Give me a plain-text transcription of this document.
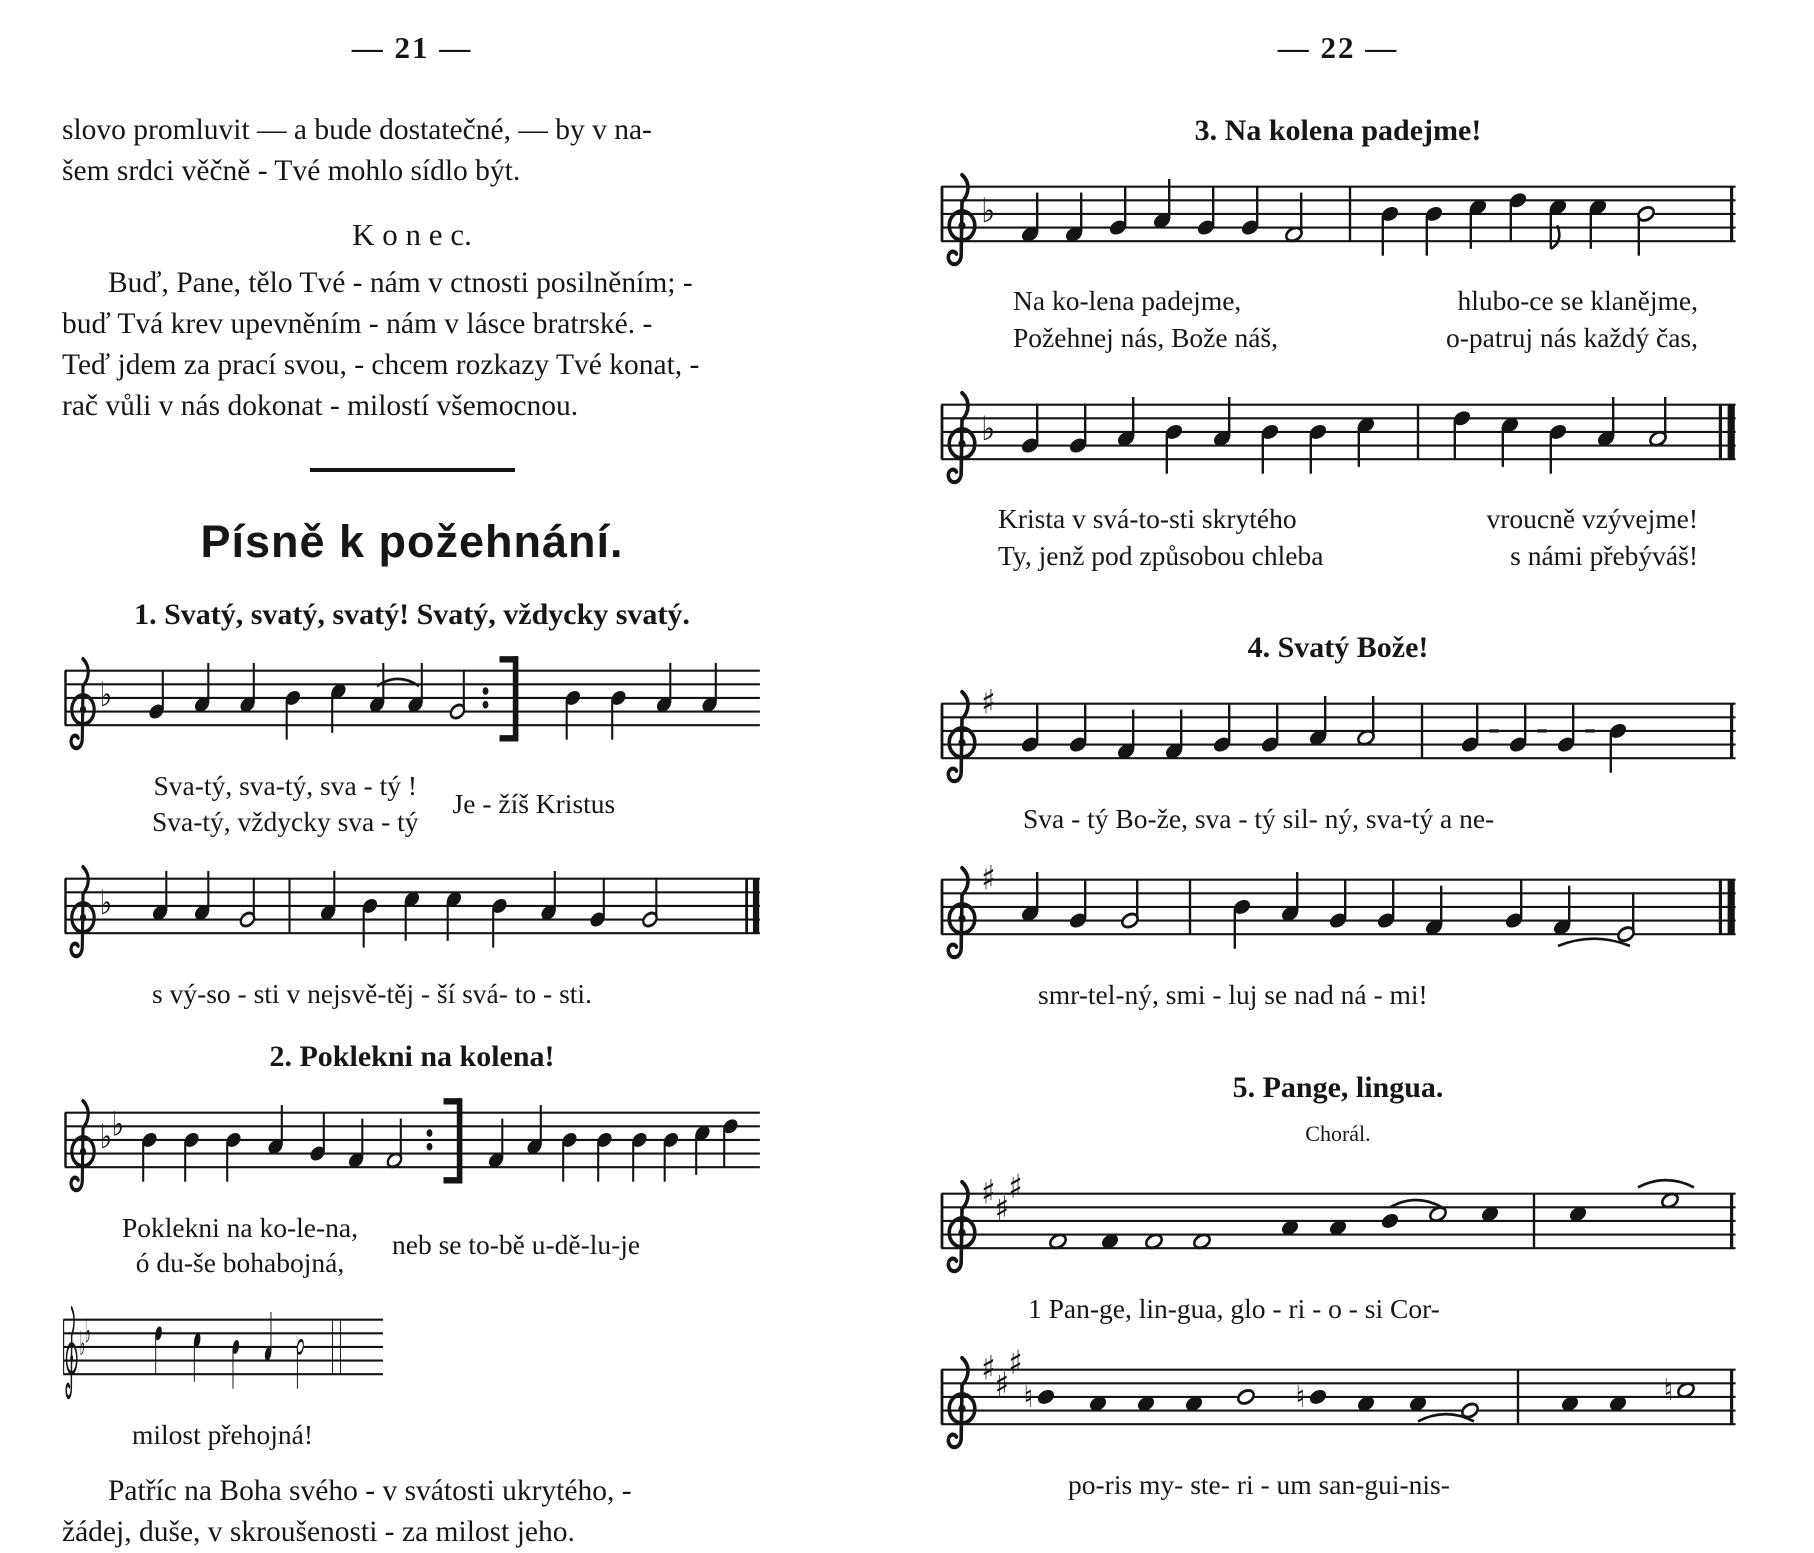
— 21 —
slovo promluvit — a bude dostatečné, — by v na-
šem srdci věčně - Tvé mohlo sídlo být.
K o n e c.
Buď, Pane, tělo Tvé - nám v ctnosti posilněním; -
buď Tvá krev upevněním - nám v lásce bratrské. -
Teď jdem za prací svou, - chcem rozkazy Tvé konat, -
rač vůli v nás dokonat - milostí všemocnou.
Písně k požehnání.
1. Svatý, svatý, svatý! Svatý, vždycky svatý.
♭
Sva-tý, sva-tý, sva - tý !
Sva-tý, vždycky sva - tý
Je - žíš Kristus
♭
s vý-so - sti v nejsvě-těj - ší svá- to - sti.
2. Poklekni na kolena!
♭ ♭
Poklekni na ko-le-na,
ó du-še bohabojná,
neb se to-bě u-dě-lu-je
♭ ♭
milost přehojná!
Patříc na Boha svého - v svátosti ukrytého, -
žádej, duše, v skroušenosti - za milost jeho.
— 22 —
3. Na kolena padejme!
♭
Na ko-lena padejme,	hlubo-ce se klanějme,
Požehnej nás, Bože náš,	o-patruj nás každý čas,
♭
Krista v svá-to-sti skrytého	vroucně vzývejme!
Ty, jenž pod způsobou chleba	s námi přebýváš!
4. Svatý Bože!
♯
Sva - tý Bo-že, sva - tý sil- ný, sva-tý a ne-
♯
smr-tel-ný, smi - luj se nad ná - mi!
5. Pange, lingua.
Chorál.
♯ ♯
♯
1 Pan-ge, lin-gua, glo - ri - o - si Cor-
♯ ♯
♯
♮	♮	♮
po-ris my- ste- ri - um san-gui-nis-
